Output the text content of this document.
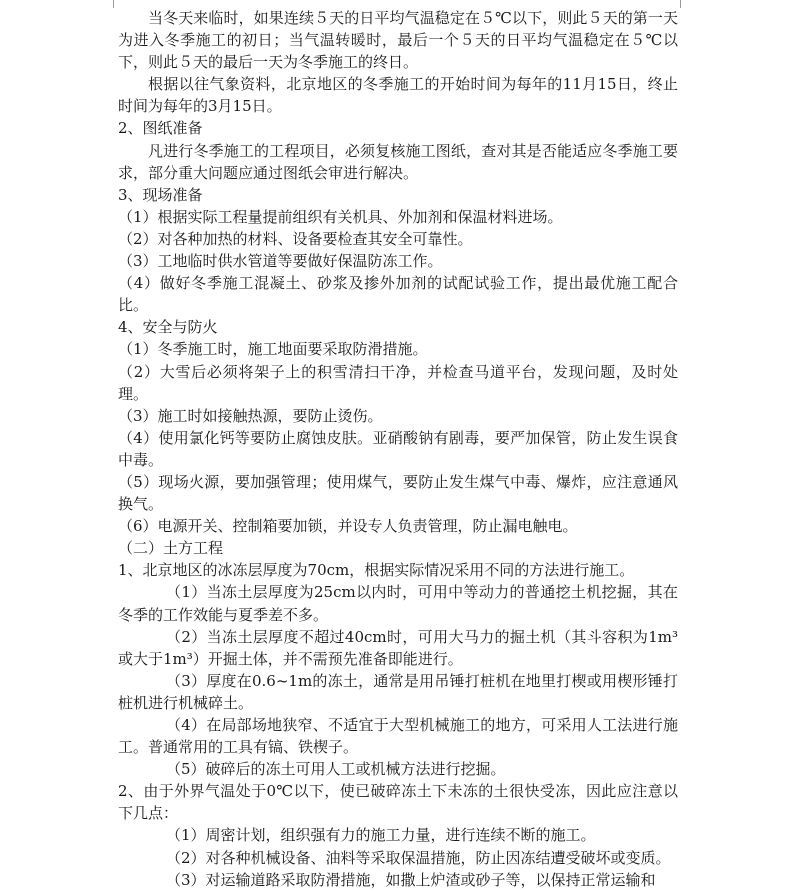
当冬天来临时，如果连续５天的日平均气温稳定在５℃以下，则此５天的第一天为进入冬季施工的初日；当气温转暖时，最后一个５天的日平均气温稳定在５℃以下，则此５天的最后一天为冬季施工的终日。

根据以往气象资料，北京地区的冬季施工的开始时间为每年的11月15日，终止时间为每年的3月15日。

2、图纸准备

凡进行冬季施工的工程项目，必须复核施工图纸，查对其是否能适应冬季施工要求，部分重大问题应通过图纸会审进行解决。

3、现场准备

（1）根据实际工程量提前组织有关机具、外加剂和保温材料进场。

（2）对各种加热的材料、设备要检查其安全可靠性。

（3）工地临时供水管道等要做好保温防冻工作。

（4）做好冬季施工混凝土、砂浆及掺外加剂的试配试验工作，提出最优施工配合比。

4、安全与防火

（1）冬季施工时，施工地面要采取防滑措施。

（2）大雪后必须将架子上的积雪清扫干净，并检查马道平台，发现问题，及时处理。

（3）施工时如接触热源，要防止烫伤。

（4）使用氯化钙等要防止腐蚀皮肤。亚硝酸钠有剧毒，要严加保管，防止发生误食中毒。

（5）现场火源，要加强管理；使用煤气，要防止发生煤气中毒、爆炸，应注意通风换气。

（6）电源开关、控制箱要加锁，并设专人负责管理，防止漏电触电。

（二）土方工程

1、北京地区的冰冻层厚度为70cm，根据实际情况采用不同的方法进行施工。

（1）当冻土层厚度为25cm以内时，可用中等动力的普通挖土机挖掘，其在冬季的工作效能与夏季差不多。

（2）当冻土层厚度不超过40cm时，可用大马力的掘土机（其斗容积为1m³或大于1m³）开掘土体，并不需预先准备即能进行。

（3）厚度在0.6~1m的冻土，通常是用吊锤打桩机在地里打楔或用楔形锤打桩机进行机械碎土。

（4）在局部场地狭窄、不适宜于大型机械施工的地方，可采用人工法进行施工。普通常用的工具有镐、铁楔子。

（5）破碎后的冻土可用人工或机械方法进行挖掘。

2、由于外界气温处于0℃以下，使已破碎冻土下未冻的土很快受冻，因此应注意以下几点：

（1）周密计划，组织强有力的施工力量，进行连续不断的施工。

（2）对各种机械设备、油料等采取保温措施，防止因冻结遭受破坏或变质。

（3）对运输道路采取防滑措施，如撒上炉渣或砂子等，以保持正常运输和
